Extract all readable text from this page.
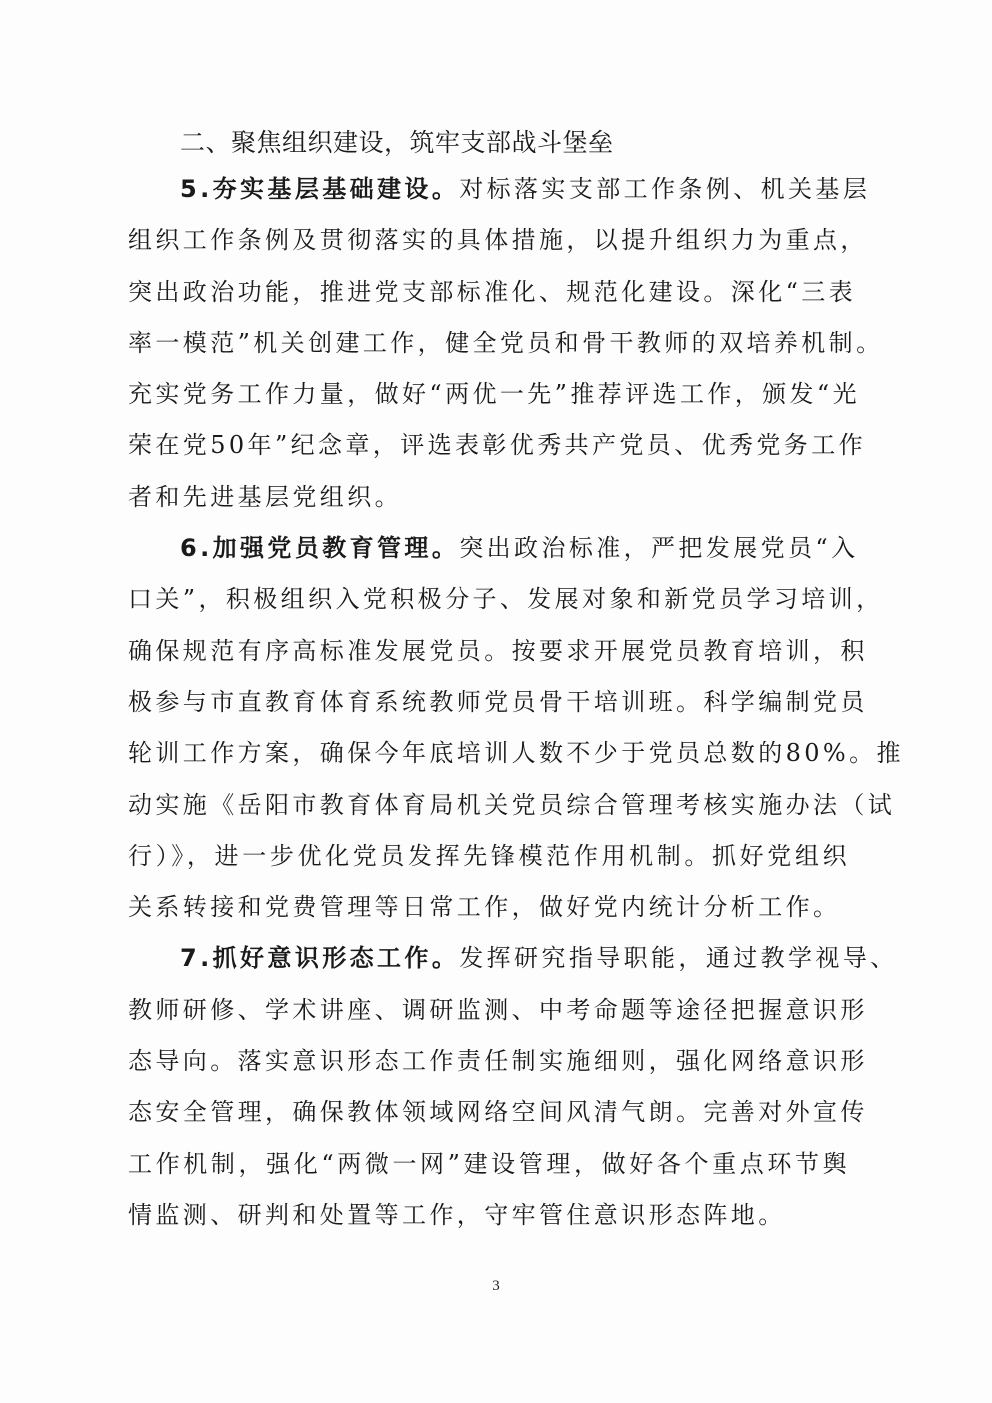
二、聚焦组织建设，筑牢支部战斗堡垒

5.夯实基层基础建设。对标落实支部工作条例、机关基层
组织工作条例及贯彻落实的具体措施，以提升组织力为重点，
突出政治功能，推进党支部标准化、规范化建设。深化“三表
率一模范”机关创建工作，健全党员和骨干教师的双培养机制。
充实党务工作力量，做好“两优一先”推荐评选工作，颁发“光
荣在党50年”纪念章，评选表彰优秀共产党员、优秀党务工作
者和先进基层党组织。

6.加强党员教育管理。突出政治标准，严把发展党员“入
口关”，积极组织入党积极分子、发展对象和新党员学习培训，
确保规范有序高标准发展党员。按要求开展党员教育培训，积
极参与市直教育体育系统教师党员骨干培训班。科学编制党员
轮训工作方案，确保今年底培训人数不少于党员总数的80%。推
动实施《岳阳市教育体育局机关党员综合管理考核实施办法（试
行）》，进一步优化党员发挥先锋模范作用机制。抓好党组织
关系转接和党费管理等日常工作，做好党内统计分析工作。

7.抓好意识形态工作。发挥研究指导职能，通过教学视导、
教师研修、学术讲座、调研监测、中考命题等途径把握意识形
态导向。落实意识形态工作责任制实施细则，强化网络意识形
态安全管理，确保教体领域网络空间风清气朗。完善对外宣传
工作机制，强化“两微一网”建设管理，做好各个重点环节舆
情监测、研判和处置等工作，守牢管住意识形态阵地。

3
